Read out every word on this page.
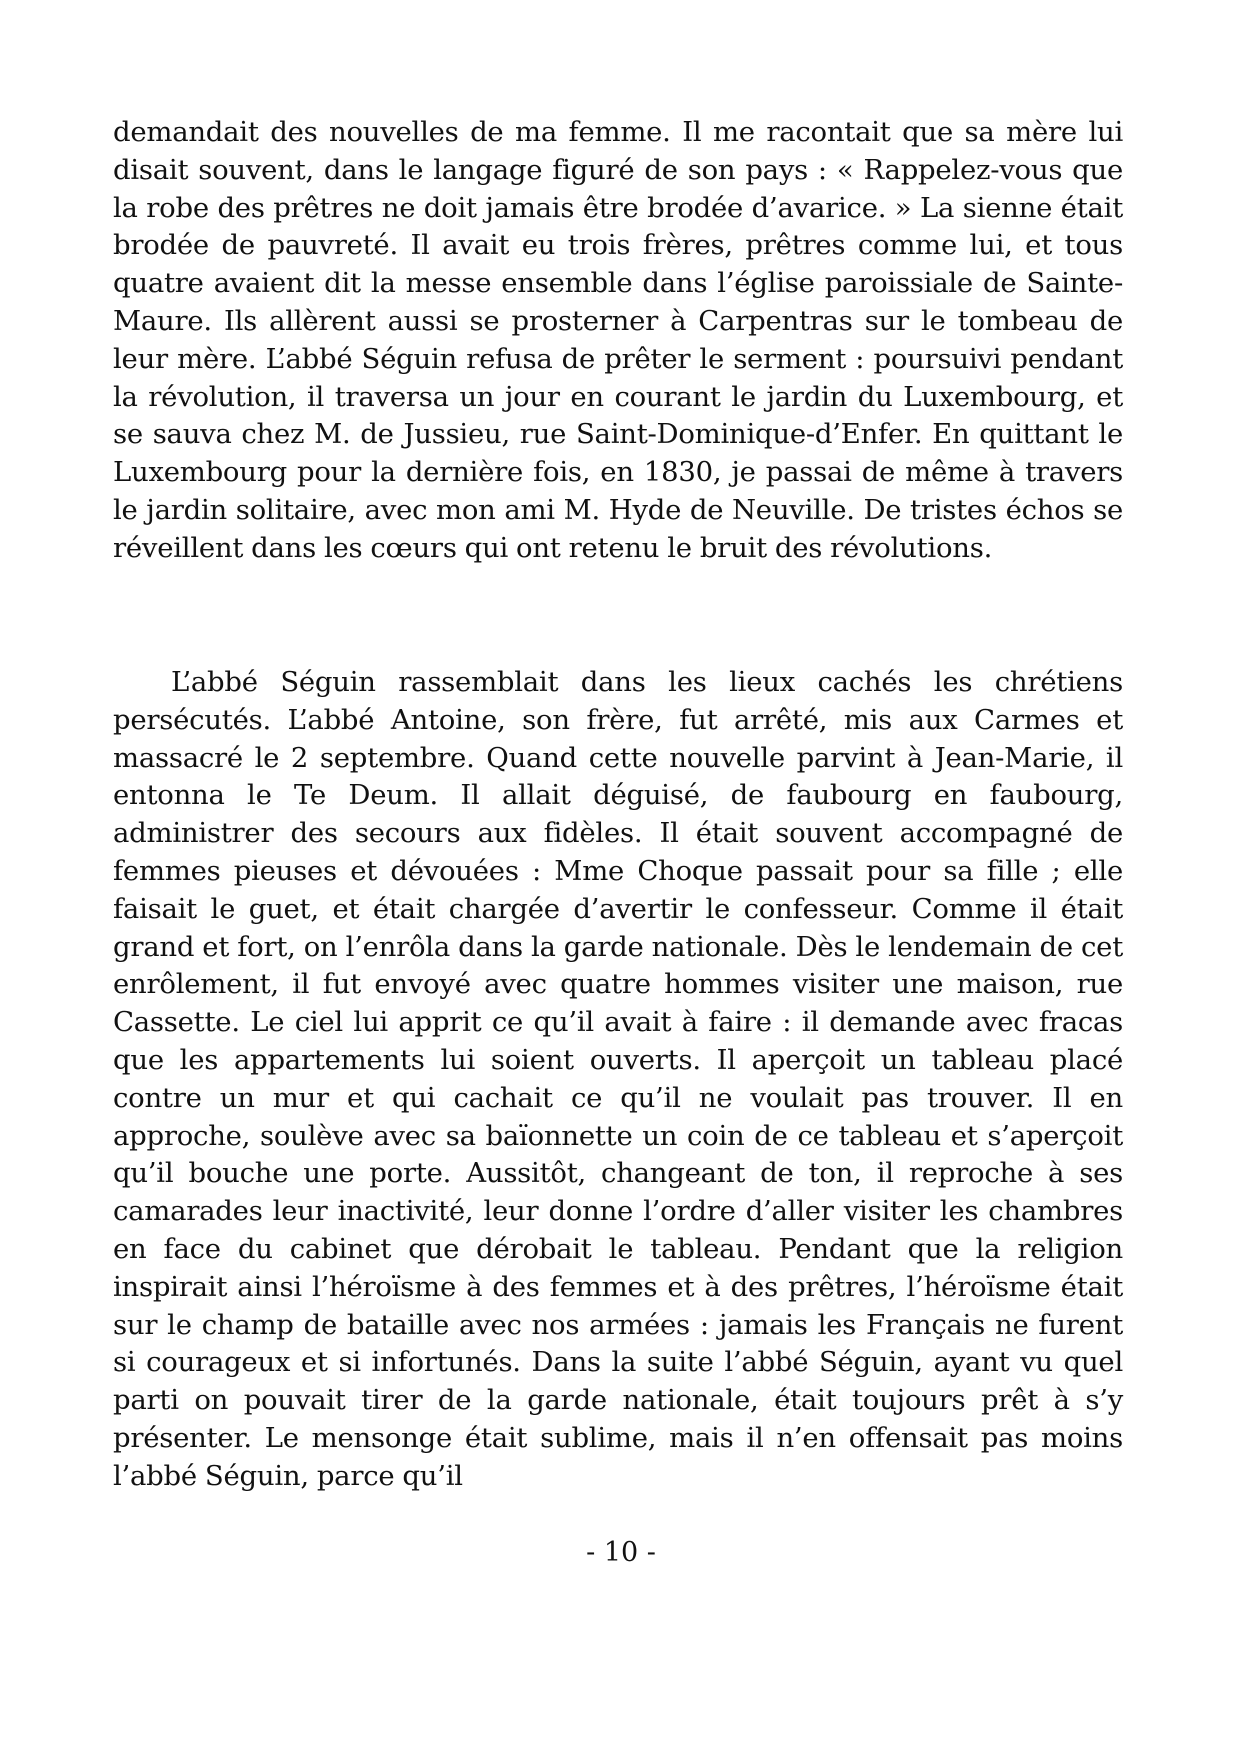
demandait des nouvelles de ma femme. Il me racontait que sa mère lui disait souvent, dans le langage figuré de son pays : « Rappelez-vous que la robe des prêtres ne doit jamais être brodée d’avarice. » La sienne était brodée de pauvreté. Il avait eu trois frères, prêtres comme lui, et tous quatre avaient dit la messe ensemble dans l’église paroissiale de Sainte-Maure. Ils allèrent aussi se prosterner à Carpentras sur le tombeau de leur mère. L’abbé Séguin refusa de prêter le serment : poursuivi pendant la révolution, il traversa un jour en courant le jardin du Luxembourg, et se sauva chez M. de Jussieu, rue Saint-Dominique-d’Enfer. En quittant le Luxembourg pour la dernière fois, en 1830, je passai de même à travers le jardin solitaire, avec mon ami M. Hyde de Neuville. De tristes échos se réveillent dans les cœurs qui ont retenu le bruit des révolutions.

L’abbé Séguin rassemblait dans les lieux cachés les chrétiens persécutés. L’abbé Antoine, son frère, fut arrêté, mis aux Carmes et massacré le 2 septembre. Quand cette nouvelle parvint à Jean-Marie, il entonna le Te Deum. Il allait déguisé, de faubourg en faubourg, administrer des secours aux fidèles. Il était souvent accompagné de femmes pieuses et dévouées : Mme Choque passait pour sa fille ; elle faisait le guet, et était chargée d’avertir le confesseur. Comme il était grand et fort, on l’enrôla dans la garde nationale. Dès le lendemain de cet enrôlement, il fut envoyé avec quatre hommes visiter une maison, rue Cassette. Le ciel lui apprit ce qu’il avait à faire : il demande avec fracas que les appartements lui soient ouverts. Il aperçoit un tableau placé contre un mur et qui cachait ce qu’il ne voulait pas trouver. Il en approche, soulève avec sa baïonnette un coin de ce tableau et s’aperçoit qu’il bouche une porte. Aussitôt, changeant de ton, il reproche à ses camarades leur inactivité, leur donne l’ordre d’aller visiter les chambres en face du cabinet que dérobait le tableau. Pendant que la religion inspirait ainsi l’héroïsme à des femmes et à des prêtres, l’héroïsme était sur le champ de bataille avec nos armées : jamais les Français ne furent si courageux et si infortunés. Dans la suite l’abbé Séguin, ayant vu quel parti on pouvait tirer de la garde nationale, était toujours prêt à s’y présenter. Le mensonge était sublime, mais il n’en offensait pas moins l’abbé Séguin, parce qu’il

- 10 -
